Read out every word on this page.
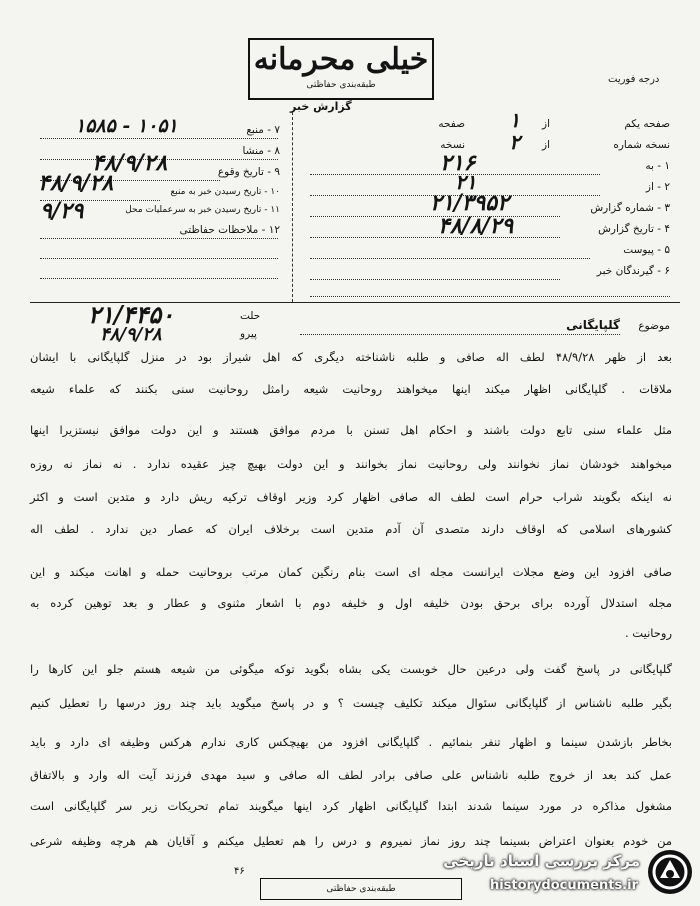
خیلی محرمانه
طبقه‌بندی حفاظتی
گزارش خبر
درجه فوریت
صفحه یکم
از
صفحه ۱
نسخه شماره
از
نسخه ۲
۱ - به
۲۱۶
۲ - از
۲۱
۳ - شماره گزارش
۲۱/۳۹۵۲
۴ - تاریخ گزارش
۴۸/۸/۲۹
۵ - پیوست
۶ - گیرندگان خبر
۷ - منبع
۱۵۸۵ - ۱۰۵۱
۸ - منشا
۹ - تاریخ وقوع
۴۸/۹/۲۸
۱۰ - تاریخ رسیدن خبر به منبع
۴۸/۹/۲۸
۱۱ - تاریخ رسیدن خبر به سرعملیات محل
۹/۲۹
۱۲ - ملاحظات حفاظتی
۲۱/۴۴۵۰	حلت
پیرو
۴۸/۹/۲۸	موضوع
گلپایگانی
بعد از ظهر ۴۸/۹/۲۸ لطف اله صافی و طلبه ناشناخته دیگری که اهل شیراز بود در منزل گلپایگانی با ایشان
ملاقات . گلپایگانی اظهار میکند اینها میخواهند روحانیت شیعه رامثل روحانیت سنی بکنند که علماء شیعه
مثل علماء سنی تابع دولت باشند و احکام اهل تسنن با مردم موافق هستند و این دولت موافق نیستزیرا اینها
میخواهند خودشان نماز نخوانند ولی روحانیت نماز بخوانند و این دولت بهیچ چیز عقیده ندارد . نه نماز نه روزه
نه اینکه بگویند شراب حرام است لطف اله صافی اظهار کرد وزیر اوقاف ترکیه ریش دارد و متدین است و اکثر
کشورهای اسلامی که اوقاف دارند متصدی آن آدم متدین است برخلاف ایران که عصار دین ندارد . لطف اله
صافی افزود این وضع مجلات ایرانست مجله ای است بنام رنگین کمان مرتب بروحانیت حمله و اهانت میکند و این
مجله استدلال آورده برای برحق بودن خلیفه اول و خلیفه دوم با اشعار مثنوی و عطار و بعد توهین کرده به
روحانیت .
گلپایگانی در پاسخ گفت ولی درعین حال خوبست یکی بشاه بگوید توکه میگوئی من شیعه هستم جلو این کارها را
بگیر طلبه ناشناس از گلپایگانی سئوال میکند تکلیف چیست ؟ و در پاسخ میگوید باید چند روز درسها را تعطیل کنیم
بخاطر بازشدن سینما و اظهار تنفر بنمائیم . گلپایگانی افزود من بهیچکس کاری ندارم هرکس وظیفه ای دارد و باید
عمل کند بعد از خروج طلبه ناشناس علی صافی برادر لطف اله صافی و سید مهدی فرزند آیت اله وارد و بالاتفاق
مشغول مذاکره در مورد سینما شدند ابتدا گلپایگانی اظهار کرد اینها میگویند تمام تحریکات زیر سر گلپایگانی است
من خودم بعنوان اعتراض بسینما چند روز نماز نمیروم و درس را هم تعطیل میکنم و آقایان هم هرچه وظیفه شرعی
طبقه‌بندی حفاظتی
۴۶
مرکز بررسی اسناد تاریخی
historydocuments.ir
